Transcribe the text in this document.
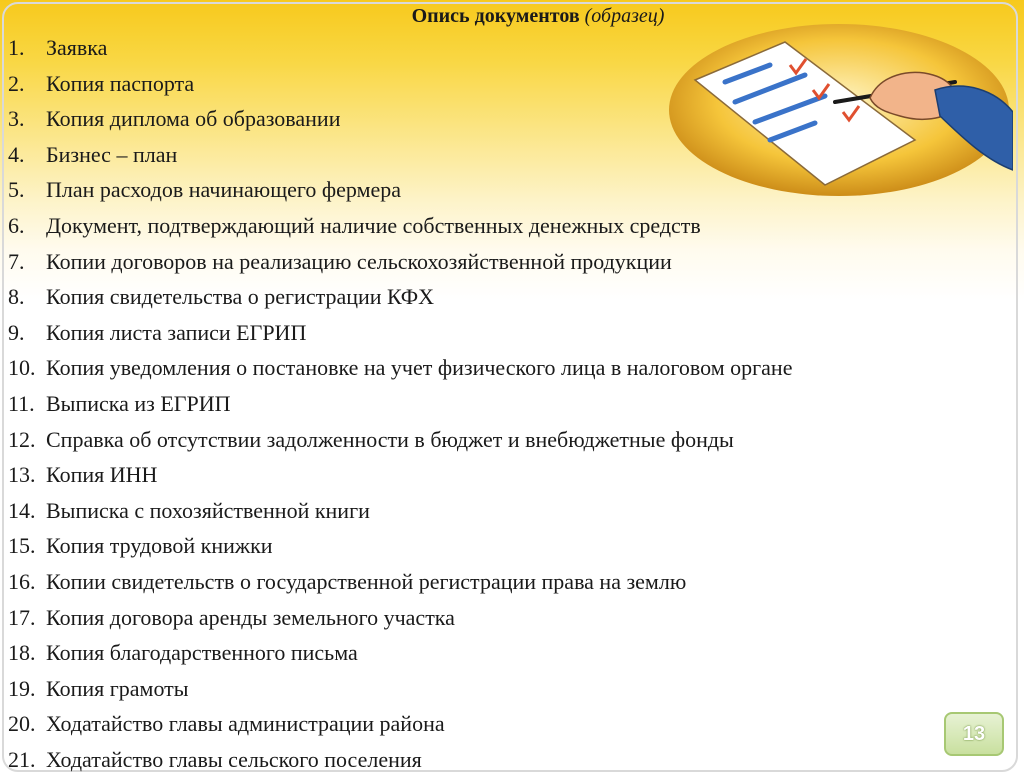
Опись документов (образец)
1. Заявка
2. Копия паспорта
3. Копия диплома об образовании
4. Бизнес – план
5. План расходов начинающего фермера
6. Документ, подтверждающий наличие собственных денежных средств
7. Копии договоров на реализацию сельскохозяйственной продукции
8. Копия свидетельства о регистрации КФХ
9. Копия листа записи ЕГРИП
10. Копия уведомления о постановке на учет физического лица в налоговом органе
11. Выписка из ЕГРИП
12. Справка об отсутствии задолженности в бюджет и внебюджетные фонды
13. Копия ИНН
14. Выписка с похозяйственной книги
15. Копия трудовой книжки
16. Копии свидетельств о государственной регистрации права на землю
17. Копия договора аренды земельного участка
18. Копия благодарственного письма
19. Копия грамоты
20. Ходатайство главы администрации района
21. Ходатайство главы сельского поселения
13
